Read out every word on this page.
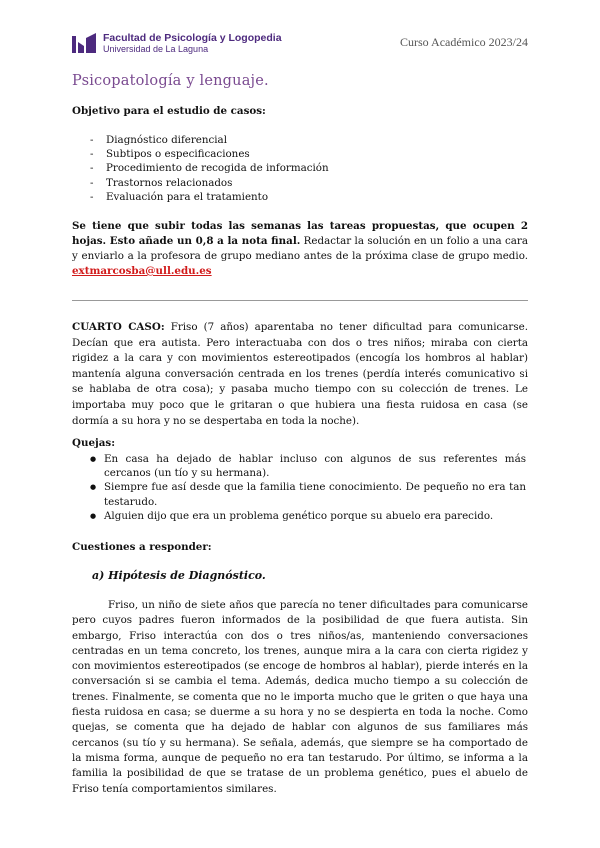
Facultad de Psicología y Logopedia
Universidad de La Laguna	Curso Académico 2023/24
Psicopatología y lenguaje.
Objetivo para el estudio de casos:
- Diagnóstico diferencial
- Subtipos o especificaciones
- Procedimiento de recogida de información
- Trastornos relacionados
- Evaluación para el tratamiento
Se tiene que subir todas las semanas las tareas propuestas, que ocupen 2 hojas. Esto añade un 0,8 a la nota final. Redactar la solución en un folio a una cara y enviarlo a la profesora de grupo mediano antes de la próxima clase de grupo medio. extmarcosba@ull.edu.es
CUARTO CASO: Friso (7 años) aparentaba no tener dificultad para comunicarse. Decían que era autista. Pero interactuaba con dos o tres niños; miraba con cierta rigidez a la cara y con movimientos estereotipados (encogía los hombros al hablar) mantenía alguna conversación centrada en los trenes (perdía interés comunicativo si se hablaba de otra cosa); y pasaba mucho tiempo con su colección de trenes. Le importaba muy poco que le gritaran o que hubiera una fiesta ruidosa en casa (se dormía a su hora y no se despertaba en toda la noche).
Quejas:
● En casa ha dejado de hablar incluso con algunos de sus referentes más cercanos (un tío y su hermana).
● Siempre fue así desde que la familia tiene conocimiento. De pequeño no era tan testarudo.
● Alguien dijo que era un problema genético porque su abuelo era parecido.
Cuestiones a responder:
a) Hipótesis de Diagnóstico.
Friso, un niño de siete años que parecía no tener dificultades para comunicarse pero cuyos padres fueron informados de la posibilidad de que fuera autista. Sin embargo, Friso interactúa con dos o tres niños/as, manteniendo conversaciones centradas en un tema concreto, los trenes, aunque mira a la cara con cierta rigidez y con movimientos estereotipados (se encoge de hombros al hablar), pierde interés en la conversación si se cambia el tema. Además, dedica mucho tiempo a su colección de trenes. Finalmente, se comenta que no le importa mucho que le griten o que haya una fiesta ruidosa en casa; se duerme a su hora y no se despierta en toda la noche. Como quejas, se comenta que ha dejado de hablar con algunos de sus familiares más cercanos (su tío y su hermana). Se señala, además, que siempre se ha comportado de la misma forma, aunque de pequeño no era tan testarudo. Por último, se informa a la familia la posibilidad de que se tratase de un problema genético, pues el abuelo de Friso tenía comportamientos similares.
